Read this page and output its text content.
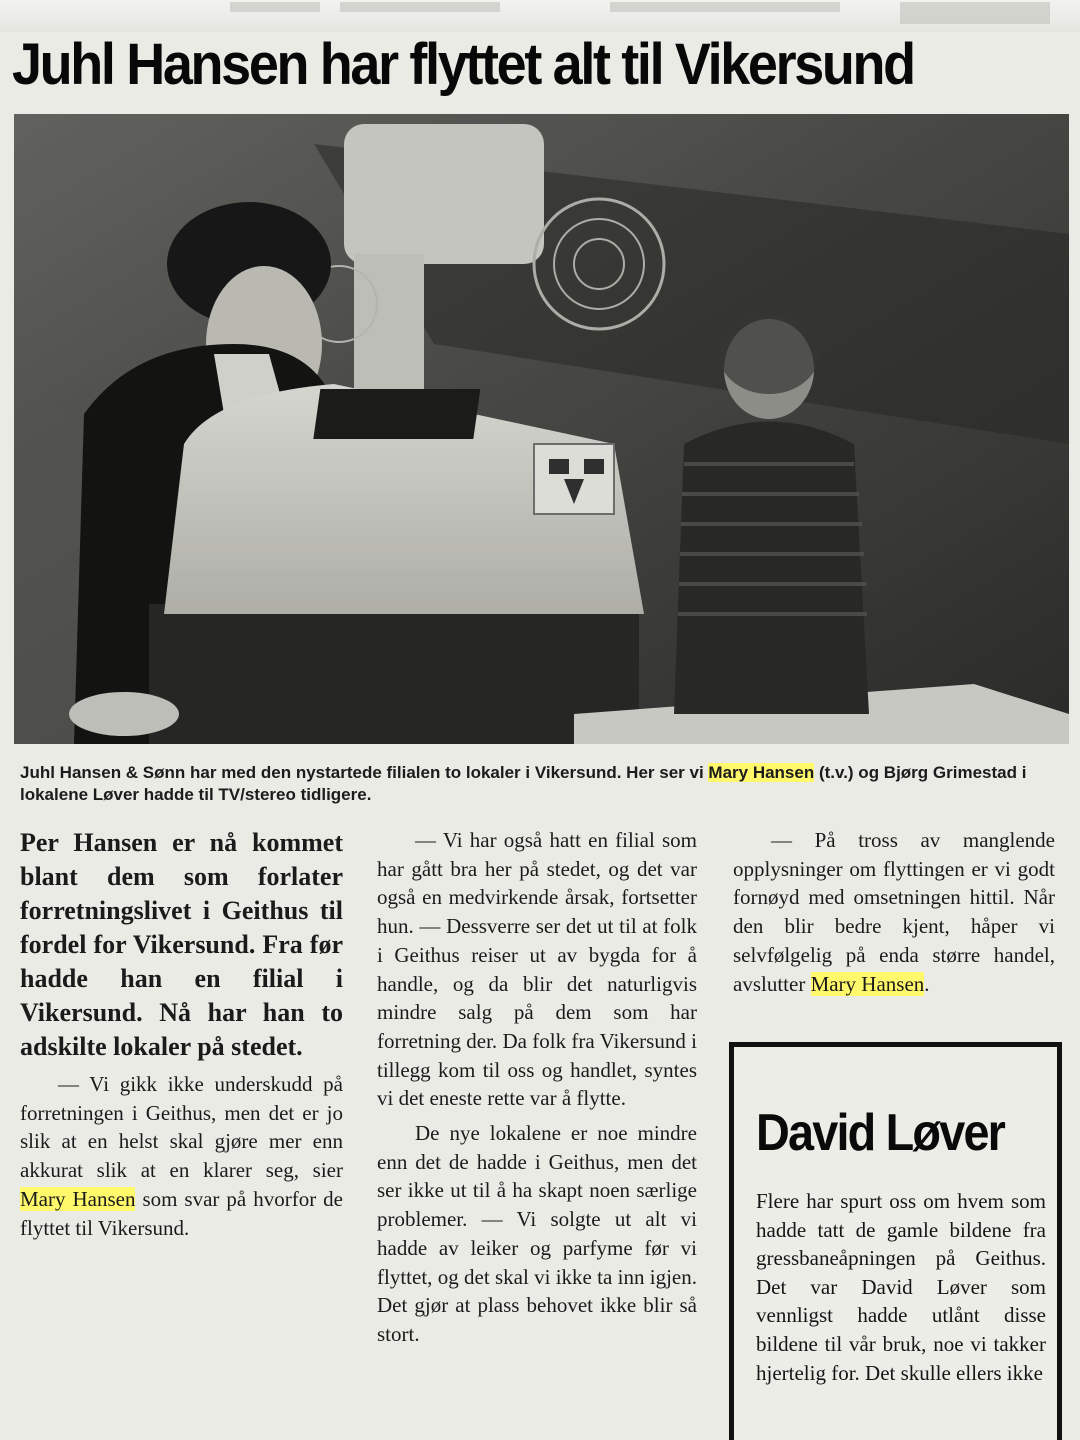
Juhl Hansen har flyttet alt til Vikersund
Juhl Hansen & Sønn har med den nystartede filialen to lokaler i Vikersund. Her ser vi Mary Hansen (t.v.) og Bjørg Grimestad i lokalene Løver hadde til TV/stereo tidligere.

Per Hansen er nå kommet blant dem som forlater forretningslivet i Geithus til fordel for Vikersund. Fra før hadde han en filial i Vikersund. Nå har han to adskilte lokaler på stedet.

— Vi gikk ikke underskudd på forretningen i Geithus, men det er jo slik at en helst skal gjøre mer enn akkurat slik at en klarer seg, sier Mary Hansen som svar på hvorfor de flyttet til Vikersund.

— Vi har også hatt en filial som har gått bra her på stedet, og det var også en medvirkende årsak, fortsetter hun. — Dessverre ser det ut til at folk i Geithus reiser ut av bygda for å handle, og da blir det naturligvis mindre salg på dem som har forretning der. Da folk fra Vikersund i tillegg kom til oss og handlet, syntes vi det eneste rette var å flytte.

De nye lokalene er noe mindre enn det de hadde i Geithus, men det ser ikke ut til å ha skapt noen særlige problemer. — Vi solgte ut alt vi hadde av leiker og parfyme før vi flyttet, og det skal vi ikke ta inn igjen. Det gjør at plass behovet ikke blir så stort.

— På tross av manglende opplysninger om flyttingen er vi godt fornøyd med omsetningen hittil. Når den blir bedre kjent, håper vi selvfølgelig på enda større handel, avslutter Mary Hansen.

David Løver

Flere har spurt oss om hvem som hadde tatt de gamle bildene fra gressbaneåpningen på Geithus. Det var David Løver som vennligst hadde utlånt disse bildene til vår bruk, noe vi takker hjertelig for. Det skulle ellers ikke
